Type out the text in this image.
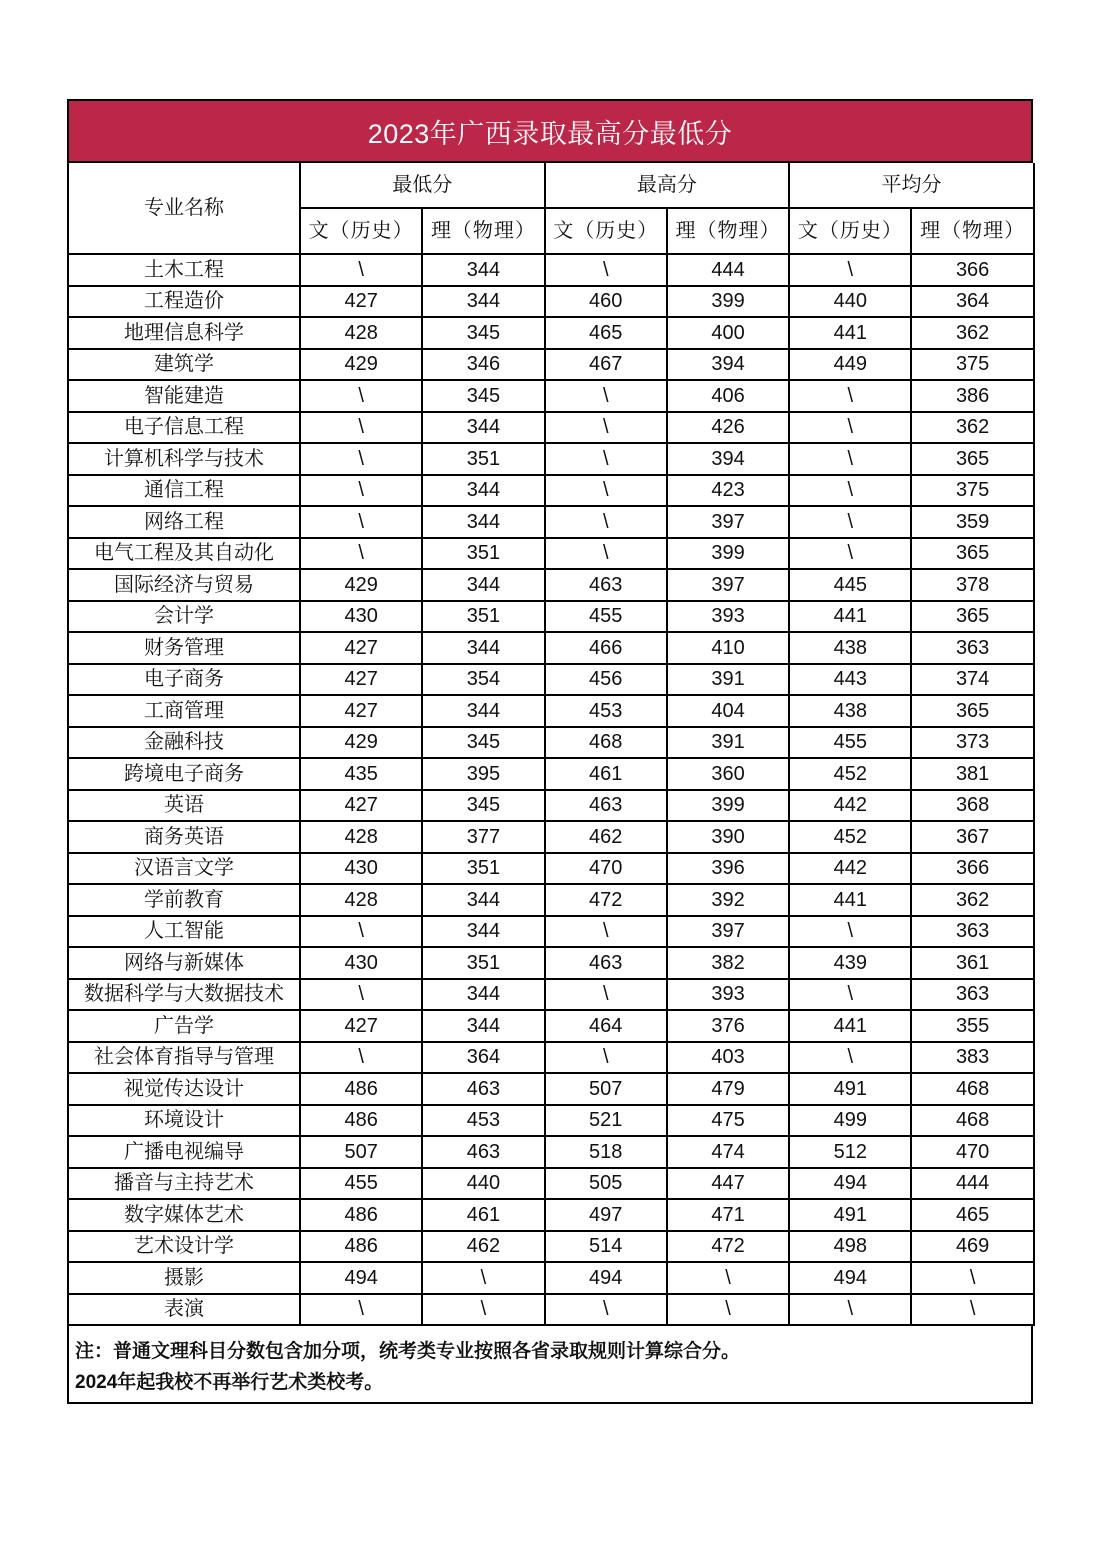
2023年广西录取最高分最低分
专业名称	最低分		最高分		平均分	
	文（历史）	理（物理）	文（历史）	理（物理）	文（历史）	理（物理）
土木工程	\	344	\	444	\	366
工程造价	427	344	460	399	440	364
地理信息科学	428	345	465	400	441	362
建筑学	429	346	467	394	449	375
智能建造	\	345	\	406	\	386
电子信息工程	\	344	\	426	\	362
计算机科学与技术	\	351	\	394	\	365
通信工程	\	344	\	423	\	375
网络工程	\	344	\	397	\	359
电气工程及其自动化	\	351	\	399	\	365
国际经济与贸易	429	344	463	397	445	378
会计学	430	351	455	393	441	365
财务管理	427	344	466	410	438	363
电子商务	427	354	456	391	443	374
工商管理	427	344	453	404	438	365
金融科技	429	345	468	391	455	373
跨境电子商务	435	395	461	360	452	381
英语	427	345	463	399	442	368
商务英语	428	377	462	390	452	367
汉语言文学	430	351	470	396	442	366
学前教育	428	344	472	392	441	362
人工智能	\	344	\	397	\	363
网络与新媒体	430	351	463	382	439	361
数据科学与大数据技术	\	344	\	393	\	363
广告学	427	344	464	376	441	355
社会体育指导与管理	\	364	\	403	\	383
视觉传达设计	486	463	507	479	491	468
环境设计	486	453	521	475	499	468
广播电视编导	507	463	518	474	512	470
播音与主持艺术	455	440	505	447	494	444
数字媒体艺术	486	461	497	471	491	465
艺术设计学	486	462	514	472	498	469
摄影	494	\	494	\	494	\
表演	\	\	\	\	\	\
注：普通文理科目分数包含加分项，统考类专业按照各省录取规则计算综合分。
2024年起我校不再举行艺术类校考。
